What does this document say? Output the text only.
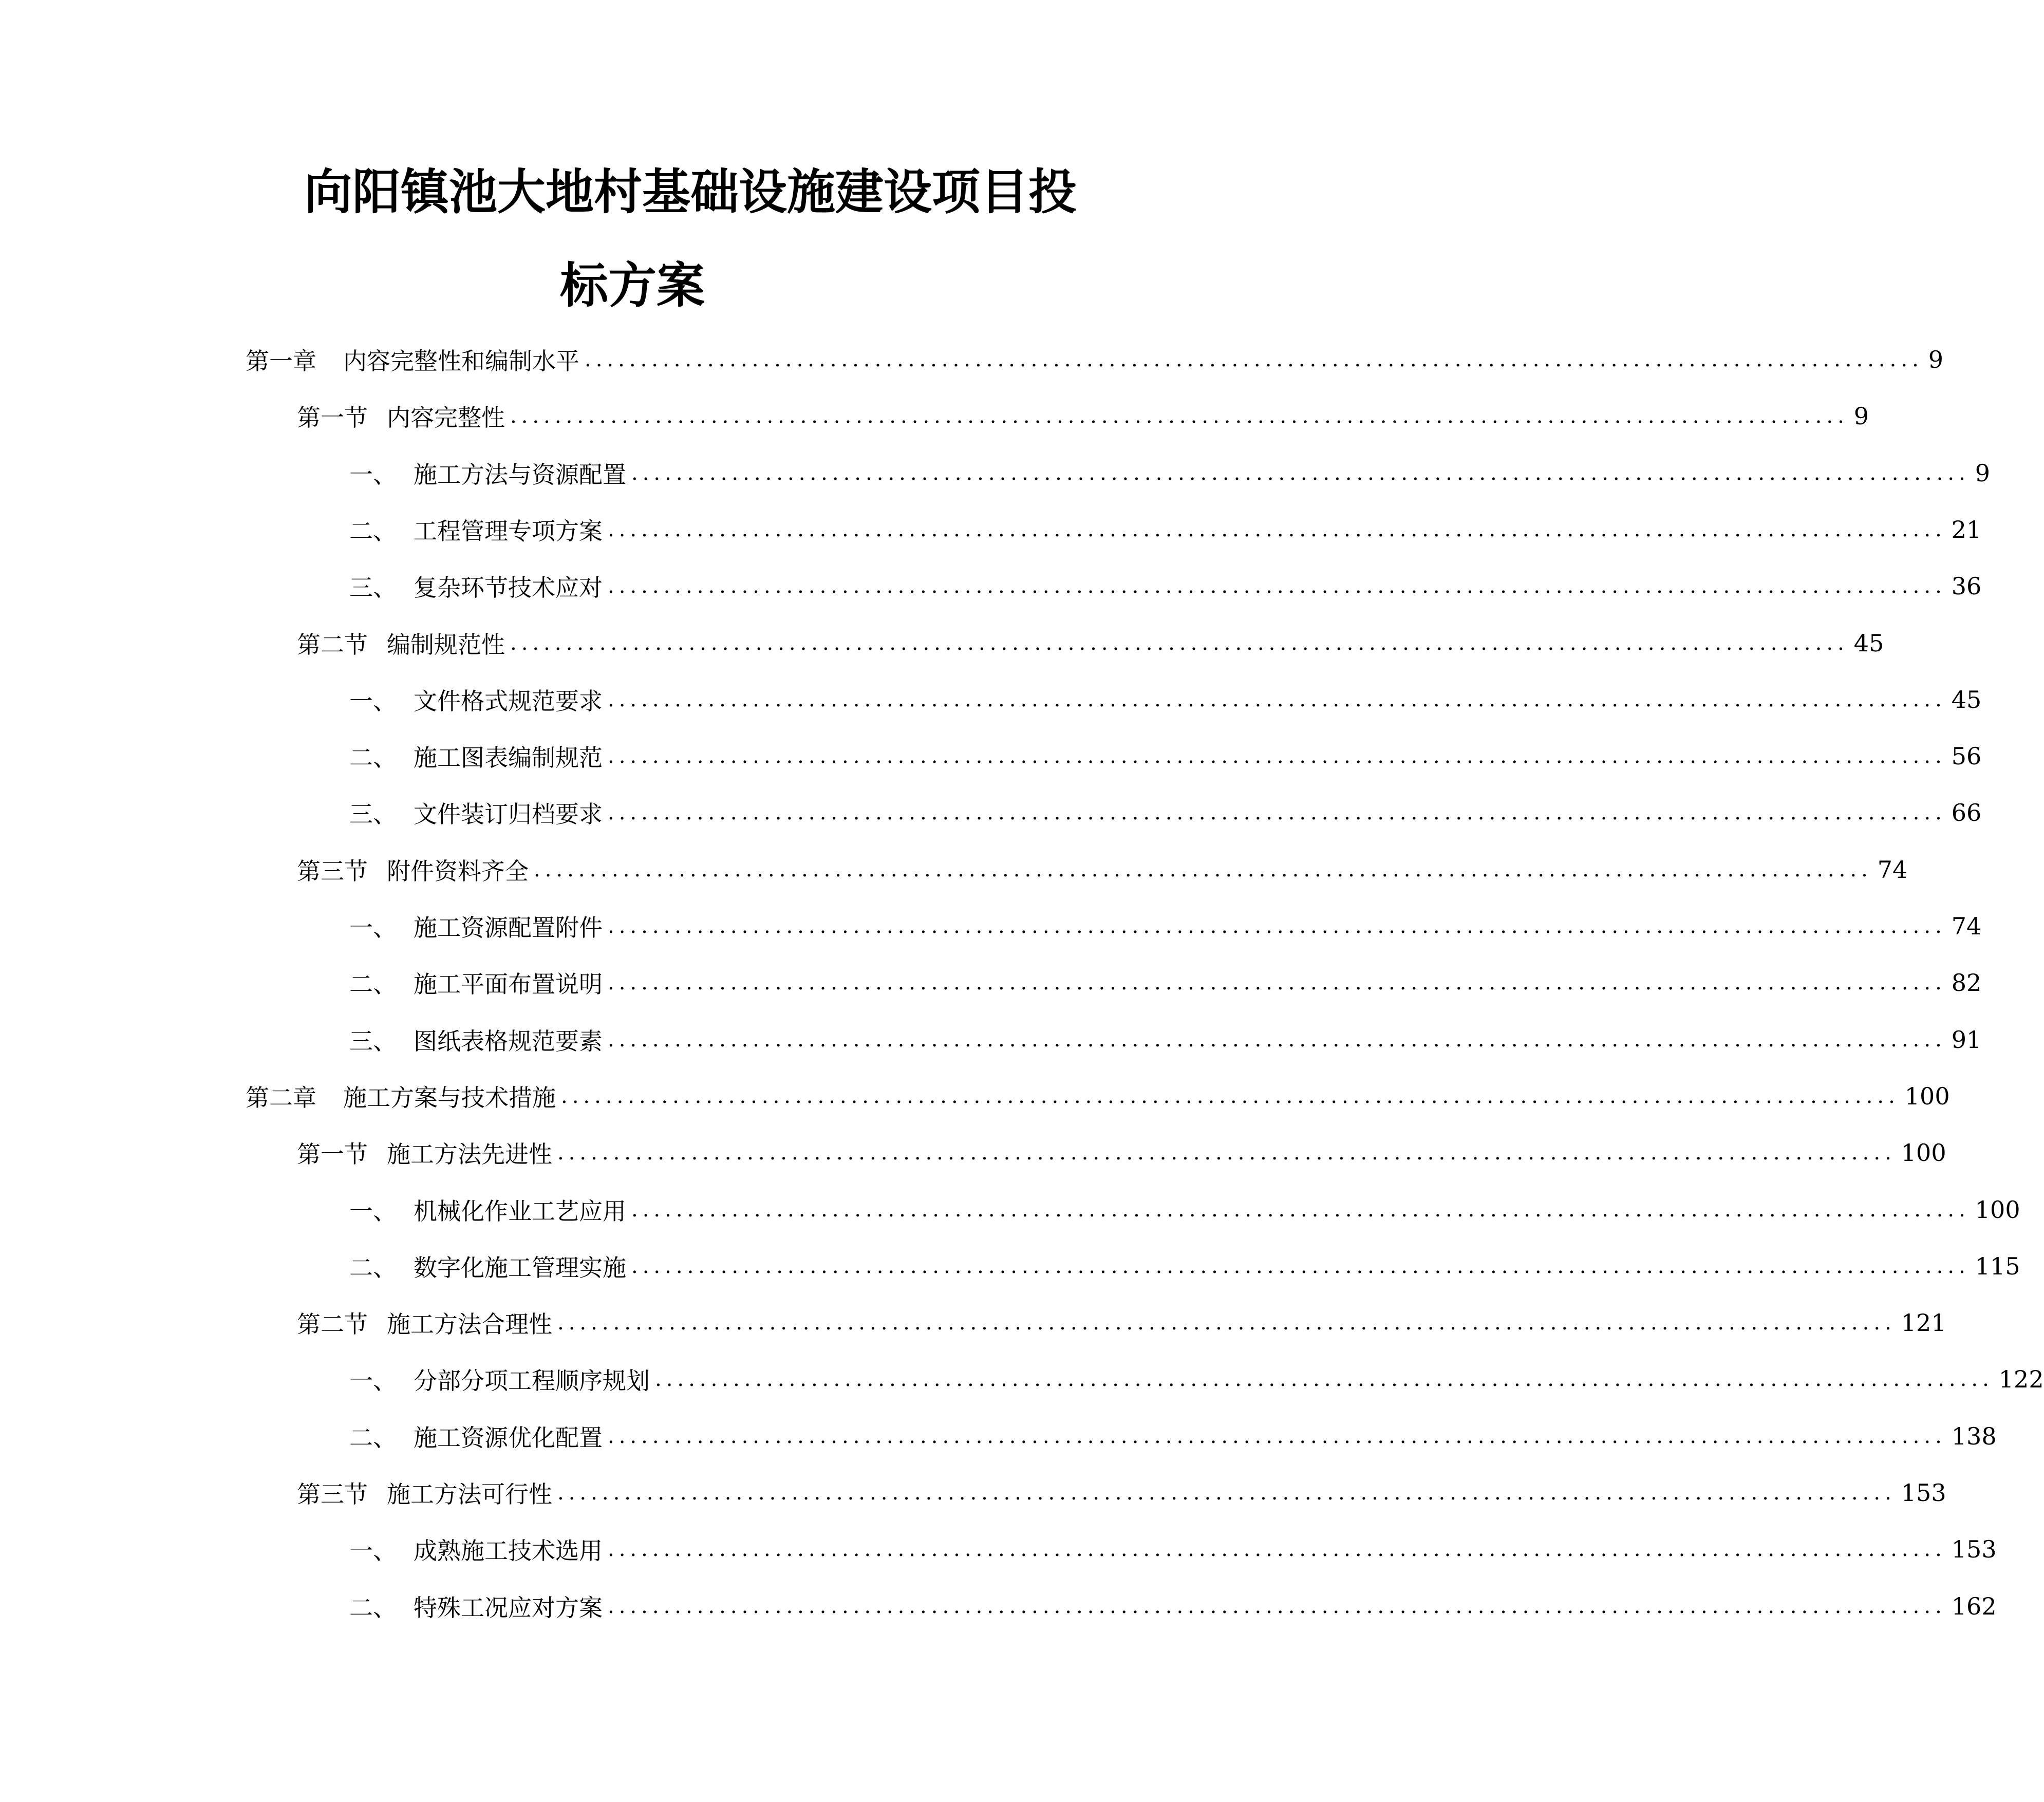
向阳镇池大地村基础设施建设项目投
标方案
第一章 内容完整性和编制水平 ........................................................................................................................ 9
第一节 内容完整性 ........................................................................................................................ 9
一、 施工方法与资源配置 ........................................................................................................................ 9
二、 工程管理专项方案 ........................................................................................................................ 21
三、 复杂环节技术应对 ........................................................................................................................ 36
第二节 编制规范性 ........................................................................................................................ 45
一、 文件格式规范要求 ........................................................................................................................ 45
二、 施工图表编制规范 ........................................................................................................................ 56
三、 文件装订归档要求 ........................................................................................................................ 66
第三节 附件资料齐全 ........................................................................................................................ 74
一、 施工资源配置附件 ........................................................................................................................ 74
二、 施工平面布置说明 ........................................................................................................................ 82
三、 图纸表格规范要素 ........................................................................................................................ 91
第二章 施工方案与技术措施 ........................................................................................................................ 100
第一节 施工方法先进性 ........................................................................................................................ 100
一、 机械化作业工艺应用 ........................................................................................................................ 100
二、 数字化施工管理实施 ........................................................................................................................ 115
第二节 施工方法合理性 ........................................................................................................................ 121
一、 分部分项工程顺序规划 ........................................................................................................................ 122
二、 施工资源优化配置 ........................................................................................................................ 138
第三节 施工方法可行性 ........................................................................................................................ 153
一、 成熟施工技术选用 ........................................................................................................................ 153
二、 特殊工况应对方案 ........................................................................................................................ 162
